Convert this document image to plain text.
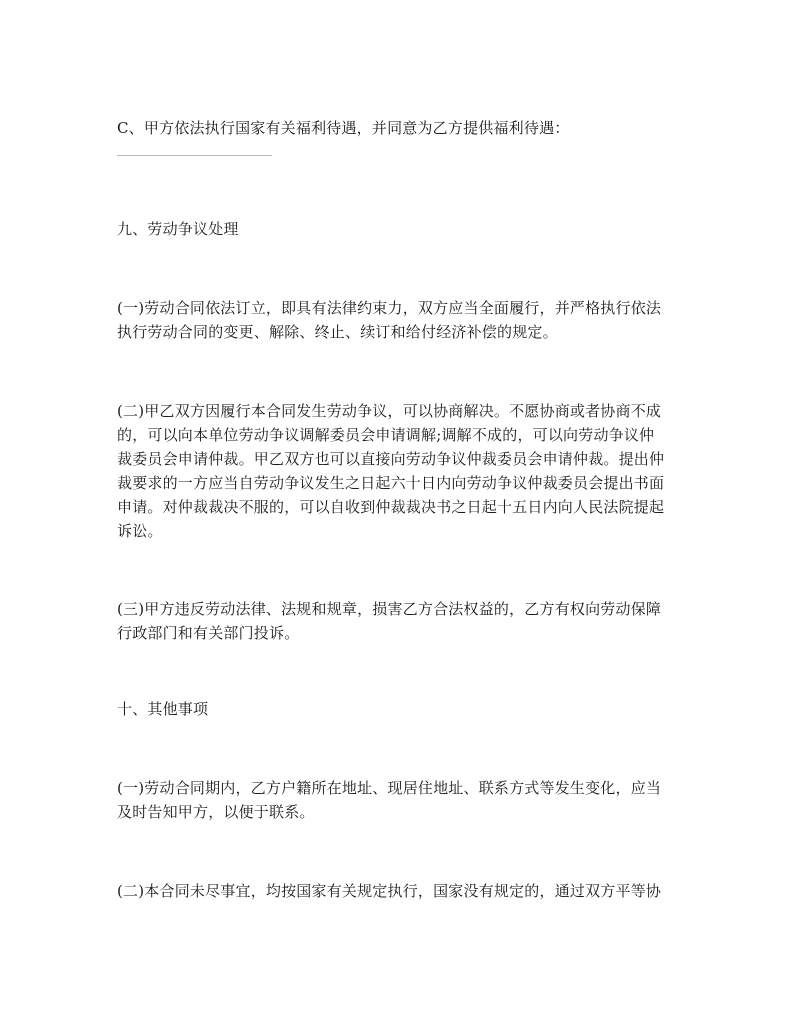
C、甲方依法执行国家有关福利待遇，并同意为乙方提供福利待遇：
九、劳动争议处理
(一)劳动合同依法订立，即具有法律约束力，双方应当全面履行，并严格执行依法
执行劳动合同的变更、解除、终止、续订和给付经济补偿的规定。
(二)甲乙双方因履行本合同发生劳动争议，可以协商解决。不愿协商或者协商不成
的，可以向本单位劳动争议调解委员会申请调解;调解不成的，可以向劳动争议仲
裁委员会申请仲裁。甲乙双方也可以直接向劳动争议仲裁委员会申请仲裁。提出仲
裁要求的一方应当自劳动争议发生之日起六十日内向劳动争议仲裁委员会提出书面
申请。对仲裁裁决不服的，可以自收到仲裁裁决书之日起十五日内向人民法院提起
诉讼。
(三)甲方违反劳动法律、法规和规章，损害乙方合法权益的，乙方有权向劳动保障
行政部门和有关部门投诉。
十、其他事项
(一)劳动合同期内，乙方户籍所在地址、现居住地址、联系方式等发生变化，应当
及时告知甲方，以便于联系。
(二)本合同未尽事宜，均按国家有关规定执行，国家没有规定的，通过双方平等协
